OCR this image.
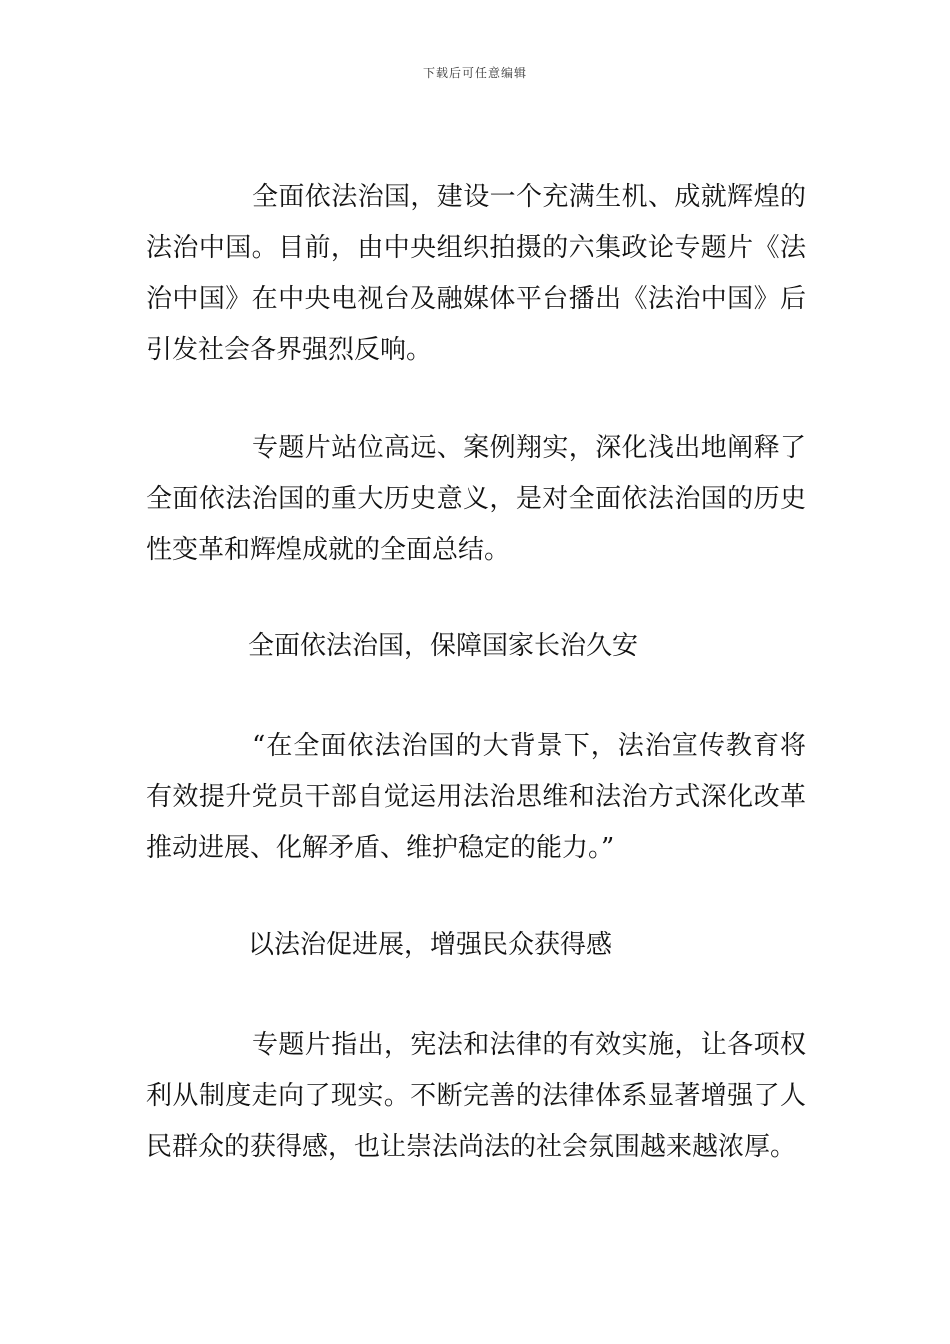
下载后可任意编辑

全面依法治国，建设一个充满生机、成就辉煌的法治中国。目前，由中央组织拍摄的六集政论专题片《法治中国》在中央电视台及融媒体平台播出《法治中国》后引发社会各界强烈反响。

专题片站位高远、案例翔实，深化浅出地阐释了全面依法治国的重大历史意义，是对全面依法治国的历史性变革和辉煌成就的全面总结。

全面依法治国，保障国家长治久安

“在全面依法治国的大背景下，法治宣传教育将有效提升党员干部自觉运用法治思维和法治方式深化改革推动进展、化解矛盾、维护稳定的能力。”

以法治促进展，增强民众获得感

专题片指出，宪法和法律的有效实施，让各项权利从制度走向了现实。不断完善的法律体系显著增强了人民群众的获得感，也让崇法尚法的社会氛围越来越浓厚。
